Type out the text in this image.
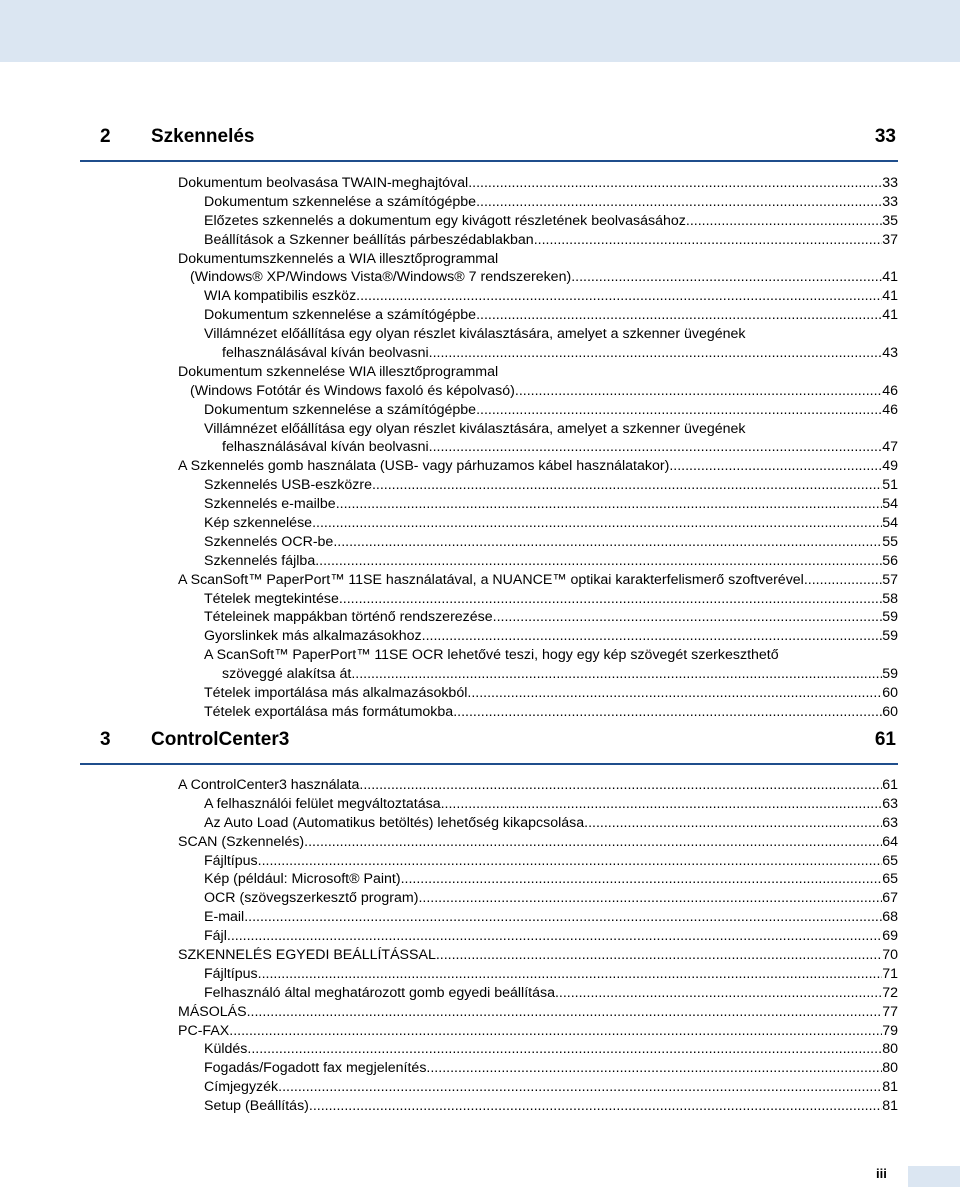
2 Szkennelés	33
Dokumentum beolvasása TWAIN-meghajtóval .....	33
Dokumentum szkennelése a számítógépbe .....	33
Előzetes szkennelés a dokumentum egy kivágott részletének beolvasásához .....	35
Beállítások a Szkenner beállítás párbeszédablakban .....	37
Dokumentumszkennelés a WIA illesztőprogrammal
(Windows® XP/Windows Vista®/Windows® 7 rendszereken) .....	41
WIA kompatibilis eszköz .....	41
Dokumentum szkennelése a számítógépbe .....	41
Villámnézet előállítása egy olyan részlet kiválasztására, amelyet a szkenner üvegének
felhasználásával kíván beolvasni .....	43
Dokumentum szkennelése WIA illesztőprogrammal
(Windows Fotótár és Windows faxoló és képolvasó) .....	46
Dokumentum szkennelése a számítógépbe .....	46
Villámnézet előállítása egy olyan részlet kiválasztására, amelyet a szkenner üvegének
felhasználásával kíván beolvasni .....	47
A Szkennelés gomb használata (USB- vagy párhuzamos kábel használatakor) .....	49
Szkennelés USB-eszközre .....	51
Szkennelés e-mailbe .....	54
Kép szkennelése .....	54
Szkennelés OCR-be .....	55
Szkennelés fájlba .....	56
A ScanSoft™ PaperPort™ 11SE használatával, a NUANCE™ optikai karakterfelismerő szoftverével .....	57
Tételek megtekintése .....	58
Tételeinek mappákban történő rendszerezése .....	59
Gyorslinkek más alkalmazásokhoz .....	59
A ScanSoft™ PaperPort™ 11SE OCR lehetővé teszi, hogy egy kép szövegét szerkeszthető
szöveggé alakítsa át .....	59
Tételek importálása más alkalmazásokból .....	60
Tételek exportálása más formátumokba .....	60
3 ControlCenter3	61
A ControlCenter3 használata .....	61
A felhasználói felület megváltoztatása .....	63
Az Auto Load (Automatikus betöltés) lehetőség kikapcsolása .....	63
SCAN (Szkennelés) .....	64
Fájltípus .....	65
Kép (például: Microsoft® Paint) .....	65
OCR (szövegszerkesztő program) .....	67
E-mail .....	68
Fájl .....	69
SZKENNELÉS EGYEDI BEÁLLÍTÁSSAL .....	70
Fájltípus .....	71
Felhasználó által meghatározott gomb egyedi beállítása .....	72
MÁSOLÁS .....	77
PC-FAX .....	79
Küldés .....	80
Fogadás/Fogadott fax megjelenítés .....	80
Címjegyzék .....	81
Setup (Beállítás) .....	81
iii
